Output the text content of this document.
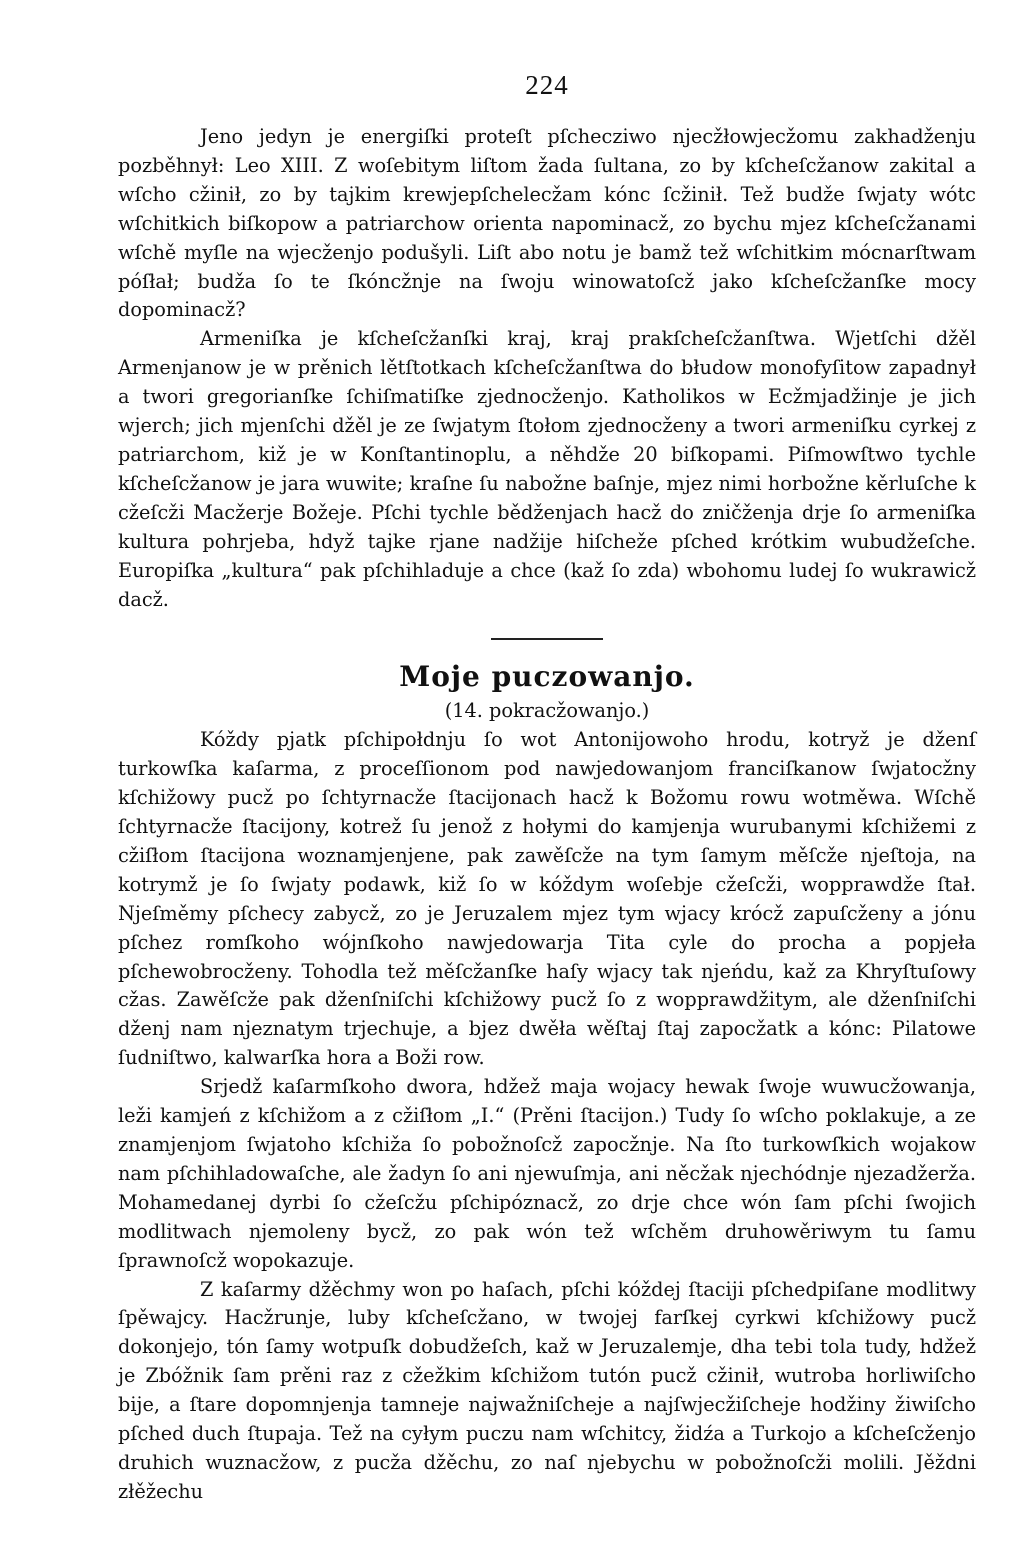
224

Jeno jedyn je energiſki proteſt pſchecziwo njecžłowjecžomu zakhadženju pozběhnył: Leo XIII. Z woſebitym liſtom žada ſultana, zo by kſcheſcžanow zakital a wſcho cžinił, zo by tajkim krewjepſchelecžam kónc ſcžinił. Tež budže ſwjaty wótc wſchitkich biſkopow a patriarchow orienta napominacž, zo bychu mjez kſcheſcžanami wſchě myſle na wjecženjo podušyli. Liſt abo notu je bamž tež wſchitkim mócnarſtwam póſłał; budža ſo te ſkóncžnje na ſwoju winowatoſcž jako kſcheſcžanſke mocy dopominacž?

Armeniſka je kſcheſcžanſki kraj, kraj prakſcheſcžanſtwa. Wjetſchi džěl Armenjanow je w prěnich lětſtotkach kſcheſcžanſtwa do błudow monofyſitow zapadnył a twori gregorianſke ſchiſmatiſke zjednocženjo. Katholikos w Ecžmjadžinje je jich wjerch; jich mjenſchi džěl je ze ſwjatym ſtołom zjednocženy a twori armeniſku cyrkej z patriarchom, kiž je w Konſtantinoplu, a něhdže 20 biſkopami. Piſmowſtwo tychle kſcheſcžanow je jara wuwite; kraſne ſu nabožne baſnje, mjez nimi horbožne kěrluſche k cžeſcži Macžerje Božeje. Pſchi tychle bědženjach hacž do zničženja drje ſo armeniſka kultura pohrjeba, hdyž tajke rjane nadžije hiſcheže pſched krótkim wubudžeſche. Europiſka „kultura“ pak pſchihladuje a chce (kaž ſo zda) wbohomu ludej ſo wukrawicž dacž.

Moje puczowanjo.
(14. pokracžowanjo.)

Kóždy pjatk pſchipołdnju ſo wot Antonijowoho hrodu, kotryž je dženſ turkowſka kaſarma, z proceſſionom pod nawjedowanjom franciſkanow ſwjatocžny kſchižowy pucž po ſchtyrnacže ſtacijonach hacž k Božomu rowu wotměwa. Wſchě ſchtyrnacže ſtacijony, kotrež ſu jenož z hołymi do kamjenja wurubanymi kſchižemi z cžiſłom ſtacijona woznamjenjene, pak zawěſcže na tym ſamym měſcže njeſtoja, na kotrymž je ſo ſwjaty podawk, kiž ſo w kóždym woſebje cžeſcži, wopprawdže ſtał. Njeſměmy pſchecy zabycž, zo je Jeruzalem mjez tym wjacy krócž zapuſcženy a jónu pſchez romſkoho wójnſkoho nawjedowarja Tita cyle do procha a popjeła pſchewobrocženy. Tohodla tež měſcžanſke haſy wjacy tak njeńdu, kaž za Khryſtuſowy cžas. Zawěſcže pak dženſniſchi kſchižowy pucž ſo z wopprawdžitym, ale dženſniſchi dženj nam njeznatym trjechuje, a bjez dwěła wěſtaj ſtaj zapocžatk a kónc: Pilatowe ſudniſtwo, kalwarſka hora a Boži row.

Srjedž kaſarmſkoho dwora, hdžež maja wojacy hewak ſwoje wuwucžowanja, leži kamjeń z kſchižom a z cžiſłom „I.“ (Prěni ſtacijon.) Tudy ſo wſcho poklakuje, a ze znamjenjom ſwjatoho kſchiža ſo pobožnoſcž zapocžnje. Na ſto turkowſkich wojakow nam pſchihladowaſche, ale žadyn ſo ani njewuſmja, ani něcžak njechódnje njezadžerža. Mohamedanej dyrbi ſo cžeſcžu pſchipóznacž, zo drje chce wón ſam pſchi ſwojich modlitwach njemoleny bycž, zo pak wón tež wſchěm druhowěriwym tu ſamu ſprawnoſcž wopokazuje.

Z kaſarmy džěchmy won po haſach, pſchi kóždej ſtaciji pſchedpiſane modlitwy ſpěwajcy. Hacžrunje, luby kſcheſcžano, w twojej farſkej cyrkwi kſchižowy pucž dokonjejo, tón ſamy wotpuſk dobudžeſch, kaž w Jeruzalemje, dha tebi tola tudy, hdžež je Zbóžnik ſam prěni raz z cžežkim kſchižom tutón pucž cžinił, wutroba horliwiſcho bije, a ſtare dopomnjenja tamneje najwažniſcheje a najſwjecžiſcheje hodžiny žiwiſcho pſched duch ſtupaja. Tež na cyłym puczu nam wſchitcy, židźa a Turkojo a kſcheſcženjo druhich wuznacžow, z pucža džěchu, zo naſ njebychu w pobožnoſcži molili. Jěždni złěžechu
